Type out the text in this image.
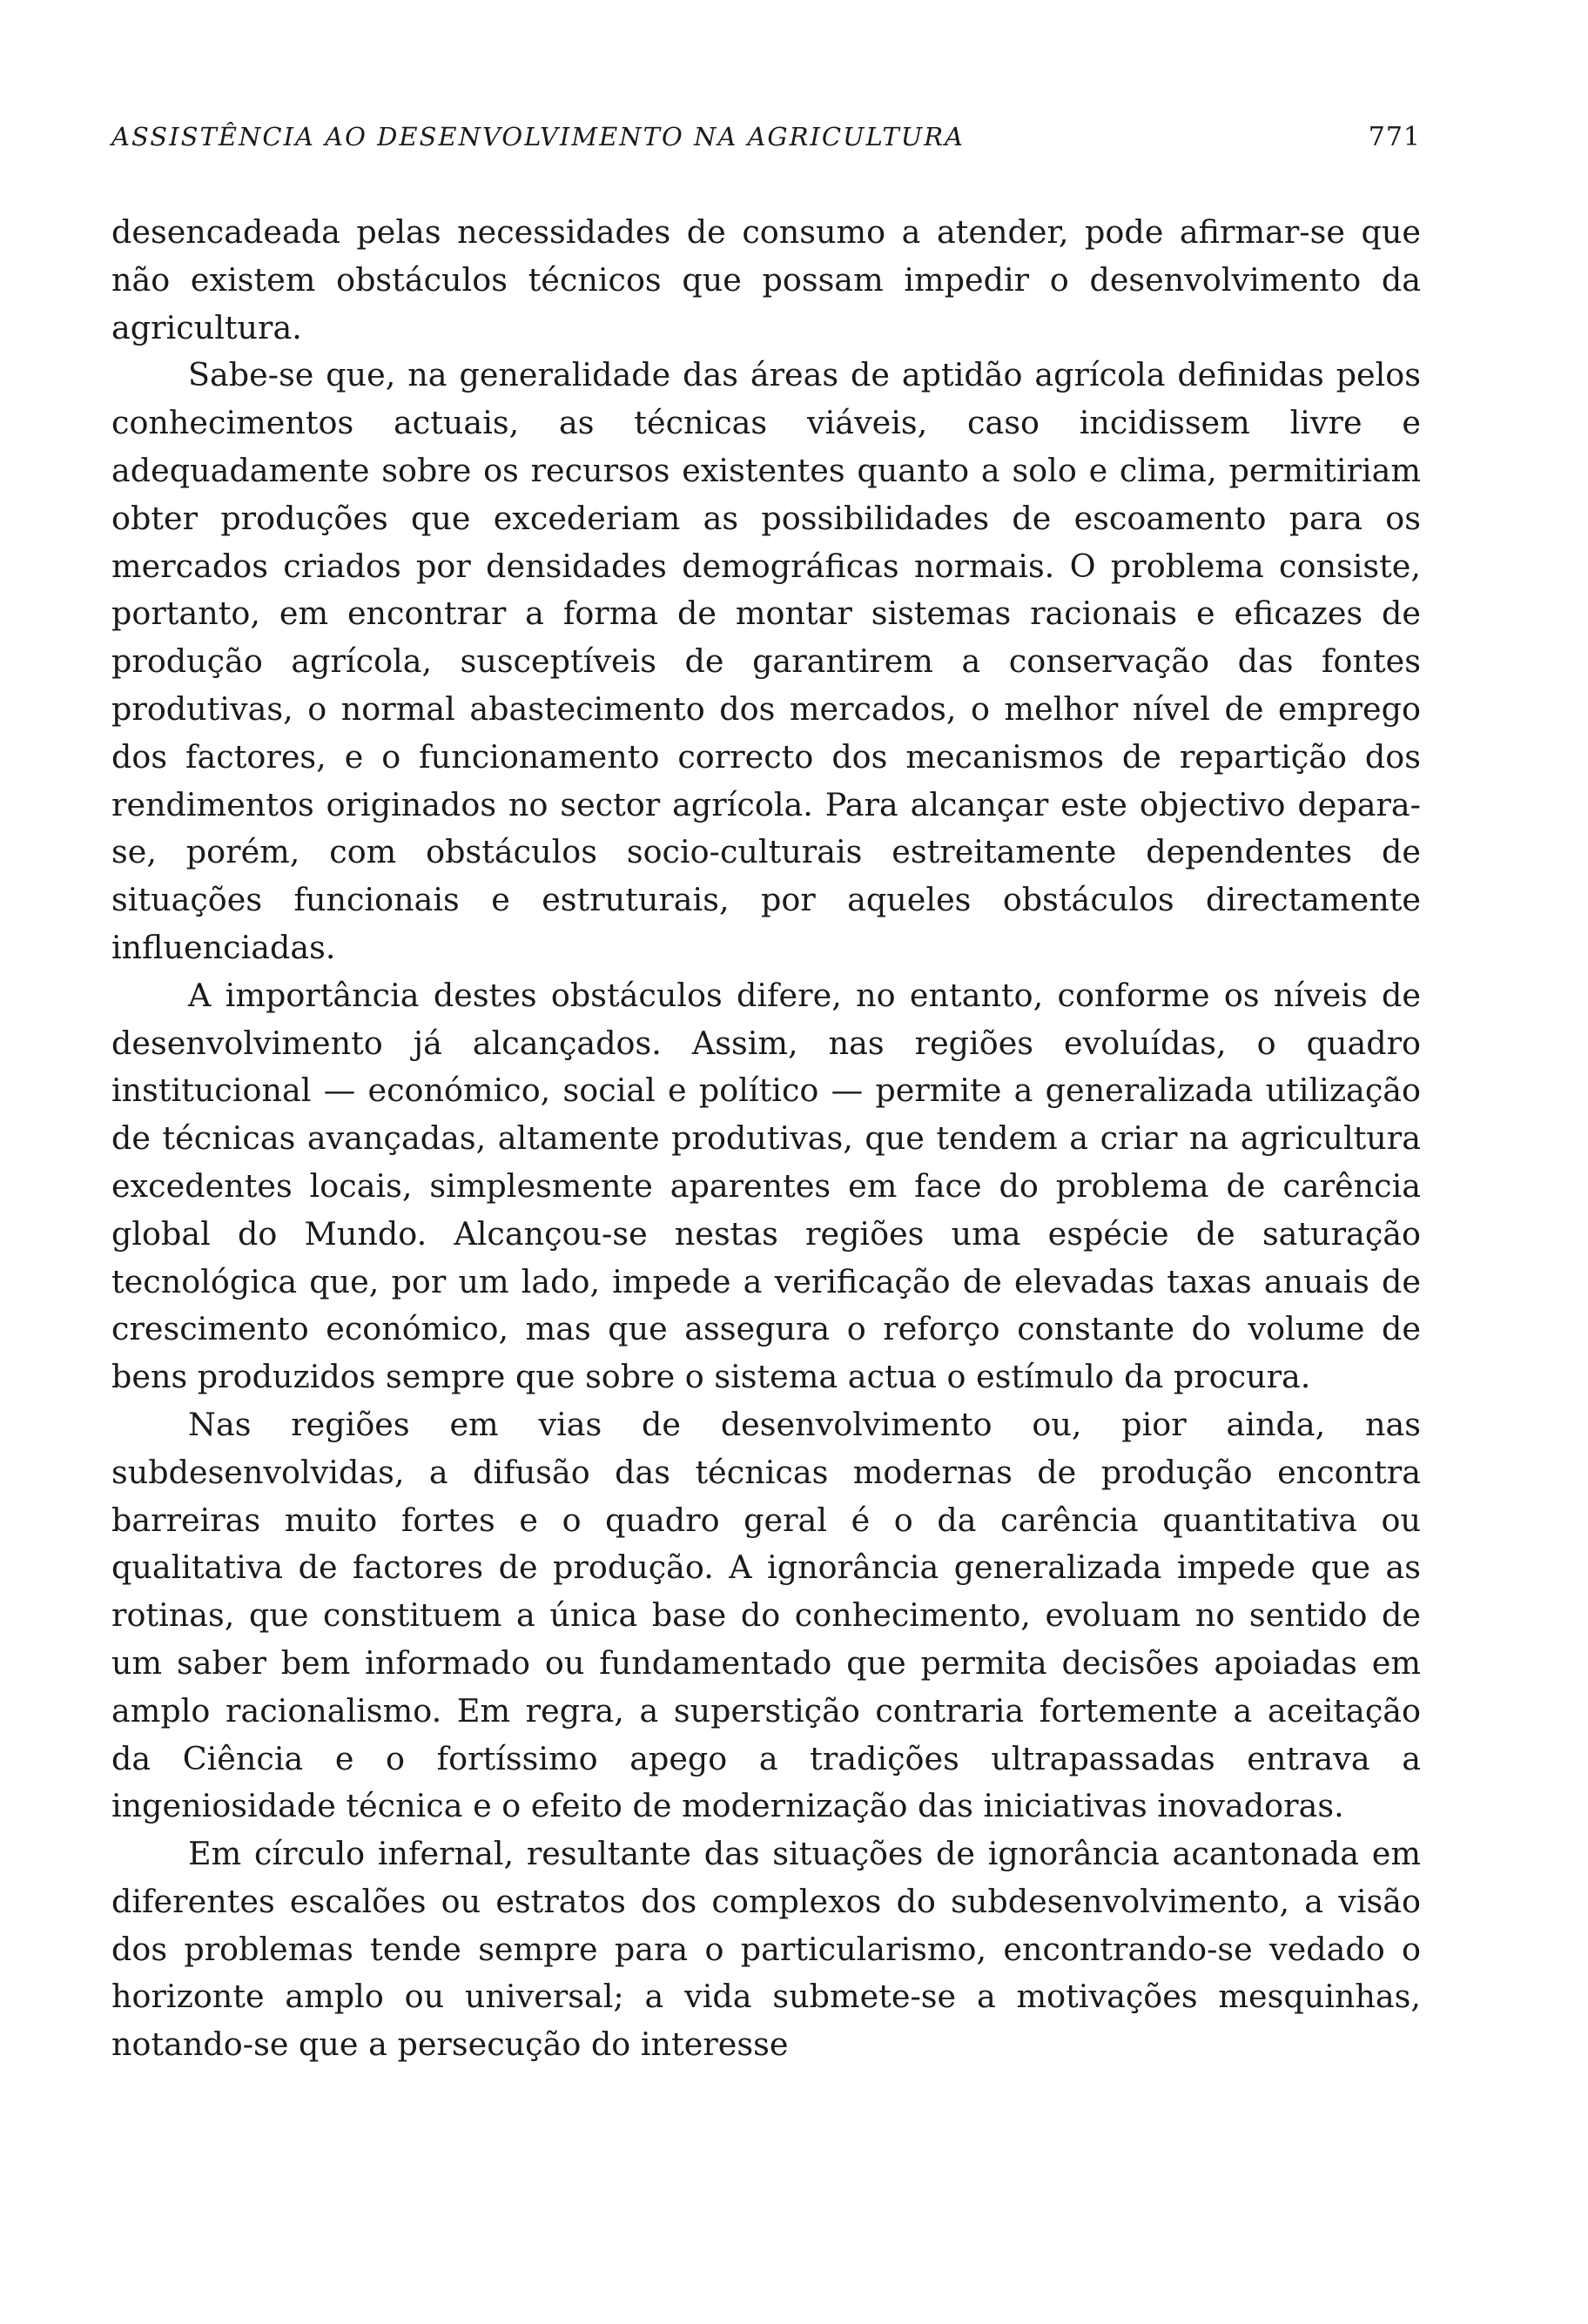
ASSISTÊNCIA AO DESENVOLVIMENTO NA AGRICULTURA	771

desencadeada pelas necessidades de consumo a atender, pode afirmar-se que não existem obstáculos técnicos que possam impedir o desenvolvimento da agricultura.

Sabe-se que, na generalidade das áreas de aptidão agrícola definidas pelos conhecimentos actuais, as técnicas viáveis, caso incidissem livre e adequadamente sobre os recursos existentes quanto a solo e clima, permitiriam obter produções que excederiam as possibilidades de escoamento para os mercados criados por densidades demográficas normais. O problema consiste, portanto, em encontrar a forma de montar sistemas racionais e eficazes de produção agrícola, susceptíveis de garantirem a conservação das fontes produtivas, o normal abastecimento dos mercados, o melhor nível de emprego dos factores, e o funcionamento correcto dos mecanismos de repartição dos rendimentos originados no sector agrícola. Para alcançar este objectivo depara-se, porém, com obstáculos socio-culturais estreitamente dependentes de situações funcionais e estruturais, por aqueles obstáculos directamente influenciadas.

A importância destes obstáculos difere, no entanto, conforme os níveis de desenvolvimento já alcançados. Assim, nas regiões evoluídas, o quadro institucional — económico, social e político — permite a generalizada utilização de técnicas avançadas, altamente produtivas, que tendem a criar na agricultura excedentes locais, simplesmente aparentes em face do problema de carência global do Mundo. Alcançou-se nestas regiões uma espécie de saturação tecnológica que, por um lado, impede a verificação de elevadas taxas anuais de crescimento económico, mas que assegura o reforço constante do volume de bens produzidos sempre que sobre o sistema actua o estímulo da procura.

Nas regiões em vias de desenvolvimento ou, pior ainda, nas subdesenvolvidas, a difusão das técnicas modernas de produção encontra barreiras muito fortes e o quadro geral é o da carência quantitativa ou qualitativa de factores de produção. A ignorância generalizada impede que as rotinas, que constituem a única base do conhecimento, evoluam no sentido de um saber bem informado ou fundamentado que permita decisões apoiadas em amplo racionalismo. Em regra, a superstição contraria fortemente a aceitação da Ciência e o fortíssimo apego a tradições ultrapassadas entrava a ingeniosidade técnica e o efeito de modernização das iniciativas inovadoras.

Em círculo infernal, resultante das situações de ignorância acantonada em diferentes escalões ou estratos dos complexos do subdesenvolvimento, a visão dos problemas tende sempre para o particularismo, encontrando-se vedado o horizonte amplo ou universal; a vida submete-se a motivações mesquinhas, notando-se que a persecução do interesse
